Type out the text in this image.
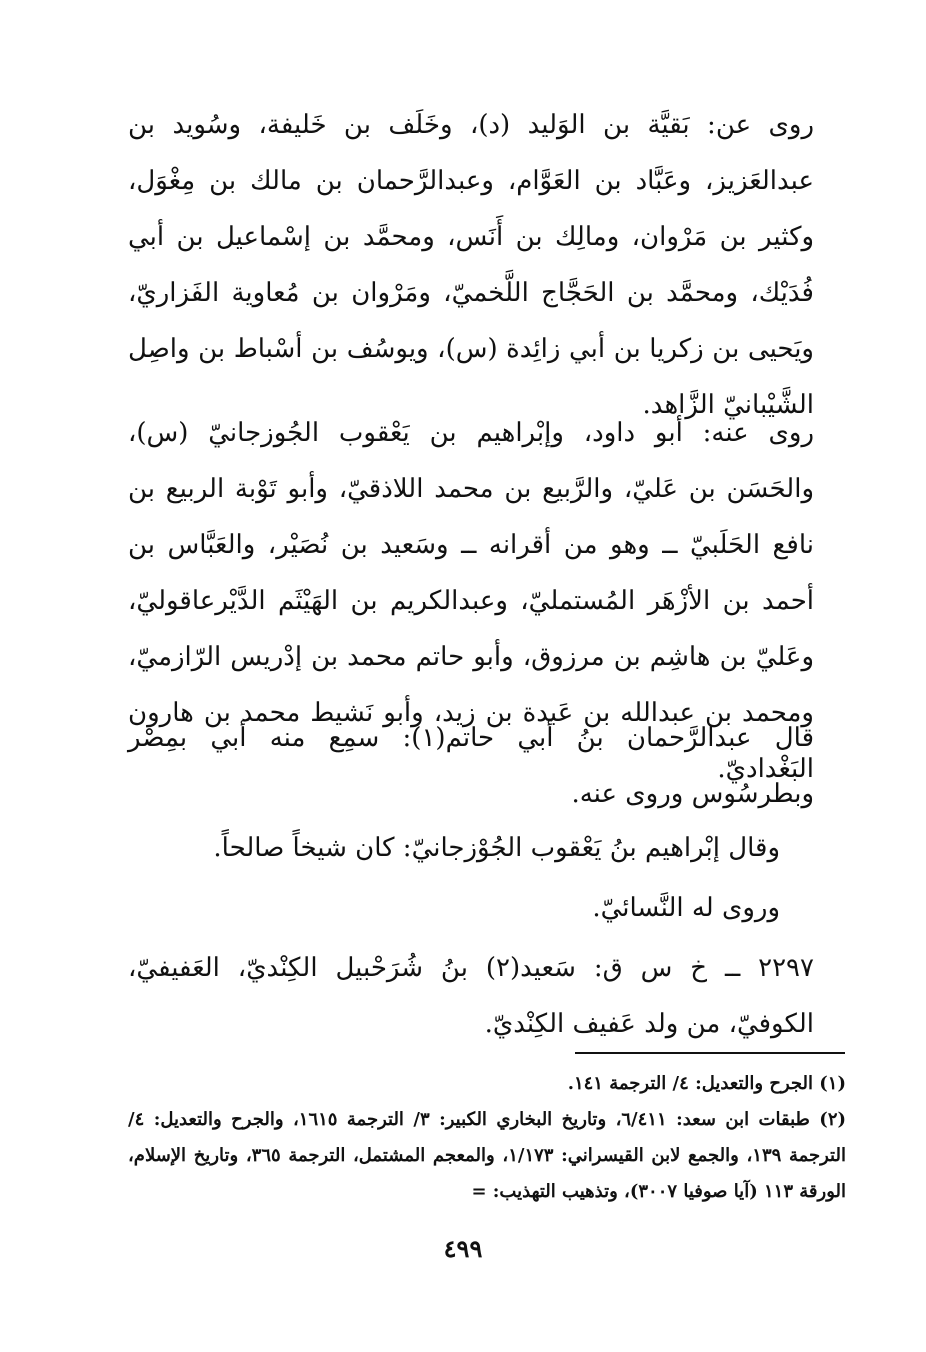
روى عن: بَقيَّة بن الوَليد (د)، وخَلَف بن خَليفة، وسُويد بن عبدالعَزيز، وعَبَّاد بن العَوَّام، وعبدالرَّحمان بن مالك بن مِغْوَل، وكثير بن مَرْوان، ومالِك بن أَنَس، ومحمَّد بن إسْماعيل بن أبي فُدَيْك، ومحمَّد بن الحَجَّاج اللَّخميّ، ومَرْوان بن مُعاوية الفَزاريّ، ويَحيى بن زكريا بن أبي زائِدة (س)، ويوسُف بن أسْباط بن واصِل الشَّيْبانيّ الزَّاهد.

روى عنه: أبو داود، وإبْراهيم بن يَعْقوب الجُوزجانيّ (س)، والحَسَن بن عَليّ، والرَّبيع بن محمد اللاذقيّ، وأبو تَوْبة الربيع بن نافع الحَلَبيّ ــ وهو من أقرانه ــ وسَعيد بن نُصَيْر، والعَبَّاس بن أحمد بن الأزْهَر المُستمليّ، وعبدالكريم بن الهَيْثَم الدَّيْرعاقوليّ، وعَليّ بن هاشِم بن مرزوق، وأبو حاتم محمد بن إدْريس الرّازميّ، ومحمد بن عبدالله بن عَبدة بن زيد، وأبو نَشيط محمد بن هارون البَغْداديّ.

قال عبدالرَّحمان بنُ أبي حاتم(١): سمِع منه أبي بمِصْر وبطرسُوس وروى عنه.

وقال إبْراهيم بنُ يَعْقوب الجُوْزجانيّ: كان شيخاً صالحاً.

وروى له النَّسائيّ.

٢٢٩٧ ــ خ س ق: سَعيد(٢) بنُ شُرَحْبيل الكِنْديّ، العَفيفيّ، الكوفيّ، من ولد عَفيف الكِنْديّ.

(١) الجرح والتعديل: ٤/ الترجمة ١٤١.

(٢) طبقات ابن سعد: ٦/٤١١، وتاريخ البخاري الكبير: ٣/ الترجمة ١٦١٥، والجرح والتعديل: ٤/ الترجمة ١٣٩، والجمع لابن القيسراني: ١/١٧٣، والمعجم المشتمل، الترجمة ٣٦٥، وتاريخ الإسلام، الورقة ١١٣ (آيا صوفيا ٣٠٠٧)، وتذهيب التهذيب: =

٤٩٩
